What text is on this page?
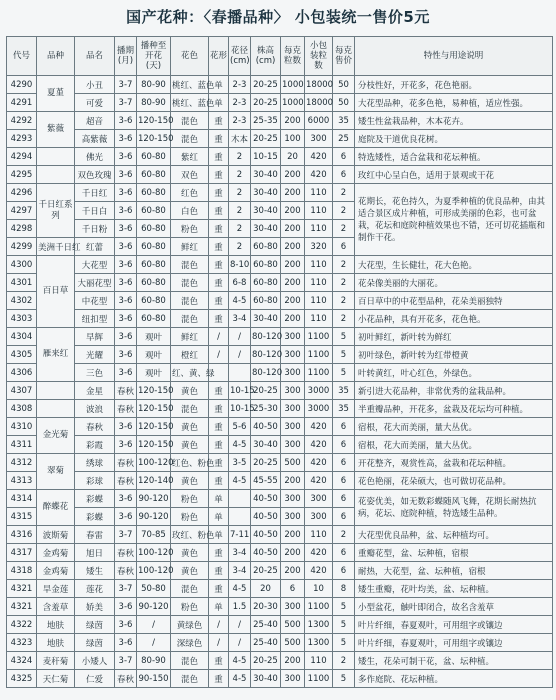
国产花种：〈春播品种〉 小包装统一售价5元
代号	品种	品名	播期(月)	播种至开花(天)	花色	花形	花径(cm)	株高(cm)	每克粒数	小包装粒数	每克售价	特性与用途说明
4290	夏堇	小丑	3-7	80-90	桃红、蓝色	单	2-3	20-25	1000	18000	50	分枝性好，开花多，花色艳丽。
4291		可爱	3-7	80-90	桃红、蓝色	单	2-3	20-25	1000	18000	50	大花型品种，花多色艳，易种植，适应性强。
4292	紫薇	超音	3-6	120-150	混色	重	2-3	25-35	200	6000	35	矮生性盆栽品种，木本花卉。
4293		高紫薇	3-6	120-150	混色	重	木本	20-25	100	300	25	庭院及干道优良花树。
4294		佛光	3-6	60-80	紫红	重	2	10-15	20	420	6	特选矮性，适合盆栽和花坛种植。
4295		双色玫瑰	3-6	60-80	双色	重	2	30-40	200	420	6	玫红中心呈白色，适用于景观或干花
4296	千日红系列	千日红	3-6	60-80	红色	重	2	30-40	200	110	2	花期长，花色持久，为夏季种植的优良品种，由其适合景区成片种植，可形成美丽的色彩，也可盆栽，花坛和庭院种植效果也不错，还可切花插瓶和制作干花。
4297		千日白	3-6	60-80	白色	重	2	30-40	200	110	2	
4298		千日粉	3-6	60-80	粉色	重	2	30-40	200	110	2	
4299	美洲千日红	红蕾	3-6	60-80	鲜红	重	2	60-80	200	320	6	
4300	百日草	大花型	3-6	60-80	混色	重	8-10	60-80	200	110	2	大花型，生长健壮，花大色艳。
4301		大丽花型	3-6	60-80	混色	重	6-8	60-80	200	110	2	花朵像美丽的大丽花。
4302		中花型	3-6	60-80	混色	重	4-5	60-80	200	110	2	百日草中的中花型品种，花朵美丽独特
4303		纽扣型	3-6	60-80	混色	重	3-4	30-40	200	110	2	小花品种，具有开花多，花色艳。
4304	雁来红	早辉	3-6	观叶	鲜红	/	/	80-120	300	1100	5	初叶鲜红，新叶转为鲜红
4305		光耀	3-6	观叶	橙红	/	/	80-120	300	1100	5	初叶绿色，新叶转为红带橙黄
4306		三色	3-6	观叶	红、黄、绿			80-120	300	1100	5	叶转黄红，叶心红色，外绿色。
4307		金星	春秋	120-150	黄色	重	10-15	20-25	300	3000	35	新引进大花品种，非常优秀的盆栽品种。
4308		波浪	春秋	120-150	混色	重	10-15	25-30	300	3000	35	半重瓣品种，开花多，盆栽及花坛均可种植。
4310	金光菊	春秋	3-6	120-150	黄色	重	5-6	40-50	300	420	6	宿根，花大而美丽，量大丛优。
4311		彩霞	3-6	120-150	黄色	重	4-5	30-40	300	420	6	宿根，花大而美丽，量大丛优。
4312	翠菊	绣球	春秋	100-120	红色、粉色	重	3-5	20-25	500	420	6	开花整齐，观赏性高，盆栽和花坛种植。
4313		彩球	春秋	120-140	黄色	重	4-5	45-55	200	420	6	花色艳丽，花朵硕大，也可做切花品种。
4314	醉蝶花	彩蝶	3-6	90-120	粉色	单		40-50	300	300	6	花姿优美，如无数彩蝶随风飞舞，花期长耐热抗病，花坛、庭院种植，特选矮生品种。
4315		彩蝶	3-6	90-120	粉色	单		40-50	300	300	6	
4316	波斯菊	春雷	3-7	70-85	玫红、粉色	单	7-11	40-50	200	110	2	大花型优良品种，盆、坛种植均可。
4317	金鸡菊	旭日	春秋	100-120	黄色	重	3-4	40-50	200	420	6	重瓣花型，盆、坛种植，宿根
4318	金鸡菊	矮生	春秋	100-120	黄色	重	3-4	20-25	200	420	6	耐热，大花型，盆、坛种植，宿根
4321	旱金莲	莲花	3-7	50-80	混色	重	4-5	20	6	10	8	矮生重瓣，花叶均美，盆、坛种植。
4321	含羞草	娇美	3-6	90-120	粉色	单	1.5	20-30	300	1100	5	小型盆花，触叶即闭合，故名含羞草
4322	地肤	绿茵	3-6	/	黄绿色	/	/	25-40	500	1300	5	叶片纤细，春夏观叶，可用组字或镶边
4323	地肤	绿茵	3-6	/	深绿色	/	/	25-40	500	1300	5	叶片纤细，春夏观叶，可用组字或镶边
4324	麦秆菊	小矮人	3-7	80-90	混色	重	4-5	20-25	200	110	2	矮生，花朵可制干花，盆、坛种植。
4325	天仁菊	仁爱	春秋	90-150	混色	重	4-5	30-40	300	1100	5	多作庭院、花坛种植。
